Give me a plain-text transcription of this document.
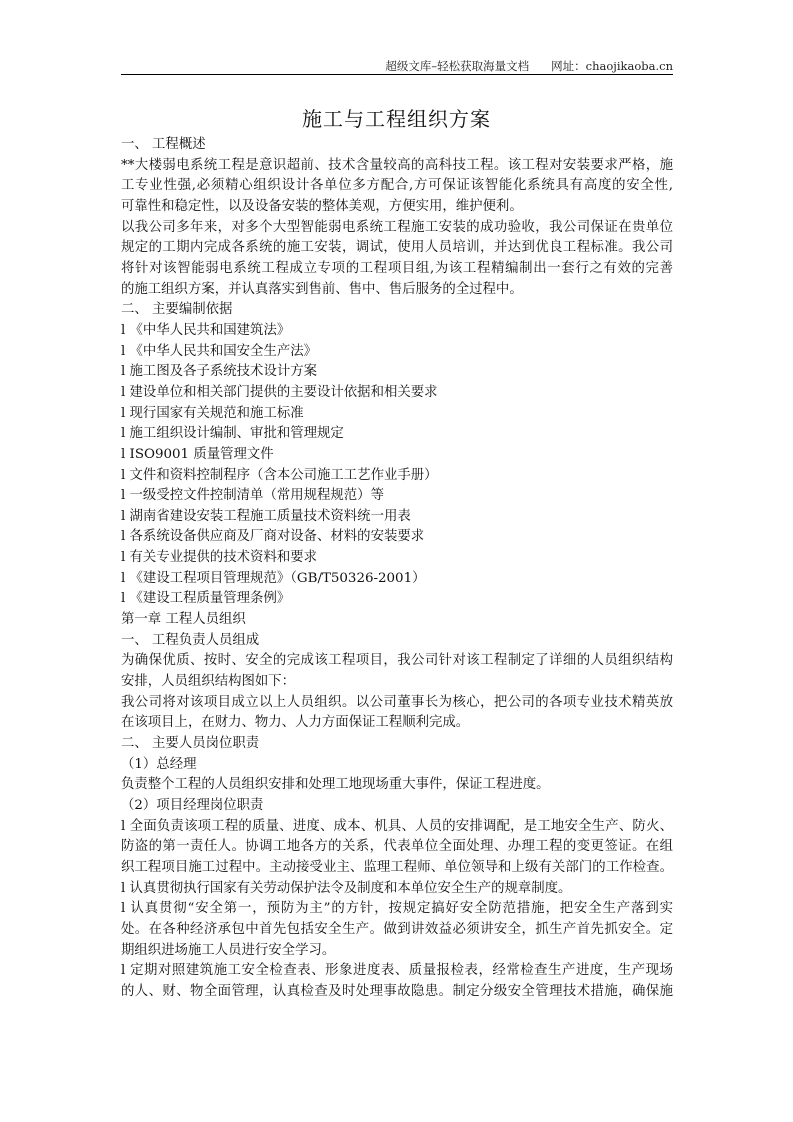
超级文库–轻松获取海量文档 网址：chaojikaoba.cn
施工与工程组织方案
一、 工程概述
**大楼弱电系统工程是意识超前、技术含量较高的高科技工程。该工程对安装要求严格，施
工专业性强,必须精心组织设计各单位多方配合,方可保证该智能化系统具有高度的安全性,
可靠性和稳定性，以及设备安装的整体美观，方便实用，维护便利。
以我公司多年来，对多个大型智能弱电系统工程施工安装的成功验收，我公司保证在贵单位
规定的工期内完成各系统的施工安装，调试，使用人员培训，并达到优良工程标准。我公司
将针对该智能弱电系统工程成立专项的工程项目组,为该工程精编制出一套行之有效的完善
的施工组织方案，并认真落实到售前、售中、售后服务的全过程中。
二、 主要编制依据
l 《中华人民共和国建筑法》
l 《中华人民共和国安全生产法》
l 施工图及各子系统技术设计方案
l 建设单位和相关部门提供的主要设计依据和相关要求
l 现行国家有关规范和施工标准
l 施工组织设计编制、审批和管理规定
l ISO9001 质量管理文件
l 文件和资料控制程序（含本公司施工工艺作业手册）
l 一级受控文件控制清单（常用规程规范）等
l 湖南省建设安装工程施工质量技术资料统一用表
l 各系统设备供应商及厂商对设备、材料的安装要求
l 有关专业提供的技术资料和要求
l 《建设工程项目管理规范》（GB/T50326-2001）
l 《建设工程质量管理条例》
第一章 工程人员组织
一、 工程负责人员组成
为确保优质、按时、安全的完成该工程项目，我公司针对该工程制定了详细的人员组织结构
安排，人员组织结构图如下：
我公司将对该项目成立以上人员组织。以公司董事长为核心，把公司的各项专业技术精英放
在该项目上，在财力、物力、人力方面保证工程顺利完成。
二、 主要人员岗位职责
（1）总经理
负责整个工程的人员组织安排和处理工地现场重大事件，保证工程进度。
（2）项目经理岗位职责
l 全面负责该项工程的质量、进度、成本、机具、人员的安排调配，是工地安全生产、防火、
防盗的第一责任人。协调工地各方的关系，代表单位全面处理、办理工程的变更签证。在组
织工程项目施工过程中。主动接受业主、监理工程师、单位领导和上级有关部门的工作检查。
l 认真贯彻执行国家有关劳动保护法令及制度和本单位安全生产的规章制度。
l 认真贯彻“安全第一，预防为主”的方针，按规定搞好安全防范措施，把安全生产落到实
处。在各种经济承包中首先包括安全生产。做到讲效益必须讲安全，抓生产首先抓安全。定
期组织进场施工人员进行安全学习。
l 定期对照建筑施工安全检查表、形象进度表、质量报检表，经常检查生产进度，生产现场
的人、财、物全面管理，认真检查及时处理事故隐患。制定分级安全管理技术措施，确保施
